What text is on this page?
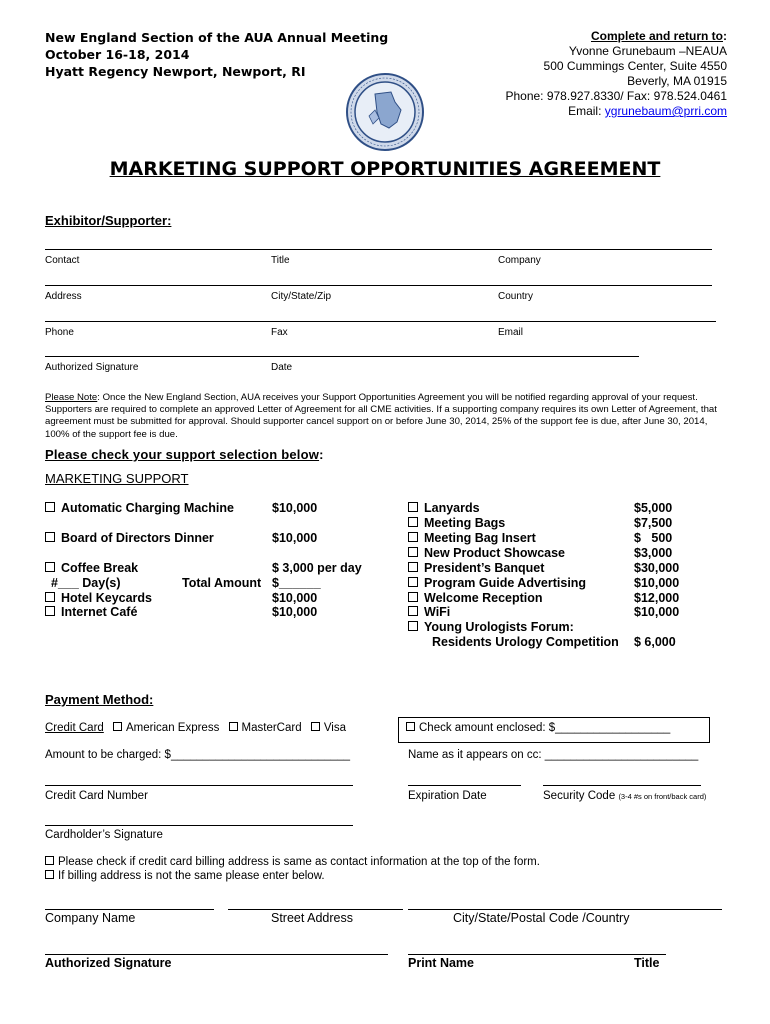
New England Section of the AUA Annual Meeting
October 16-18, 2014
Hyatt Regency Newport, Newport, RI
Complete and return to:
Yvonne Grunebaum –NEAUA
500 Cummings Center, Suite 4550
Beverly, MA 01915
Phone: 978.927.8330/ Fax: 978.524.0461
Email: ygrunebaum@prri.com
MARKETING SUPPORT OPPORTUNITIES AGREEMENT
Exhibitor/Supporter:
Contact	Title	Company
Address	City/State/Zip	Country
Phone	Fax	Email
Authorized Signature	Date
Please Note: Once the New England Section, AUA receives your Support Opportunities Agreement you will be notified regarding approval of your request. Supporters are required to complete an approved Letter of Agreement for all CME activities. If a supporting company requires its own Letter of Agreement, that agreement must be submitted for approval. Should supporter cancel support on or before June 30, 2014, 25% of the support fee is due, after June 30, 2014, 100% of the support fee is due.
Please check your support selection below:
MARKETING SUPPORT
Automatic Charging Machine	$10,000
Board of Directors Dinner	$10,000
Coffee Break	$ 3,000 per day
#___ Day(s)	Total Amount $______
Hotel Keycards	$10,000
Internet Café	$10,000
Lanyards	$5,000
Meeting Bags	$7,500
Meeting Bag Insert	$   500
New Product Showcase	$3,000
President’s Banquet	$30,000
Program Guide Advertising	$10,000
Welcome Reception	$12,000
WiFi	$10,000
Young Urologists Forum:
Residents Urology Competition $ 6,000
Payment Method:
Credit Card American Express MasterCard Visa	Check amount enclosed: $__________________
Amount to be charged: $____________________________	Name as it appears on cc: ________________________
Credit Card Number	Expiration Date	Security Code (3-4 #s on front/back card)
Cardholder’s Signature
Please check if credit card billing address is same as contact information at the top of the form.
If billing address is not the same please enter below.
Company Name	Street Address	City/State/Postal Code /Country
Authorized Signature	Print Name	Title
